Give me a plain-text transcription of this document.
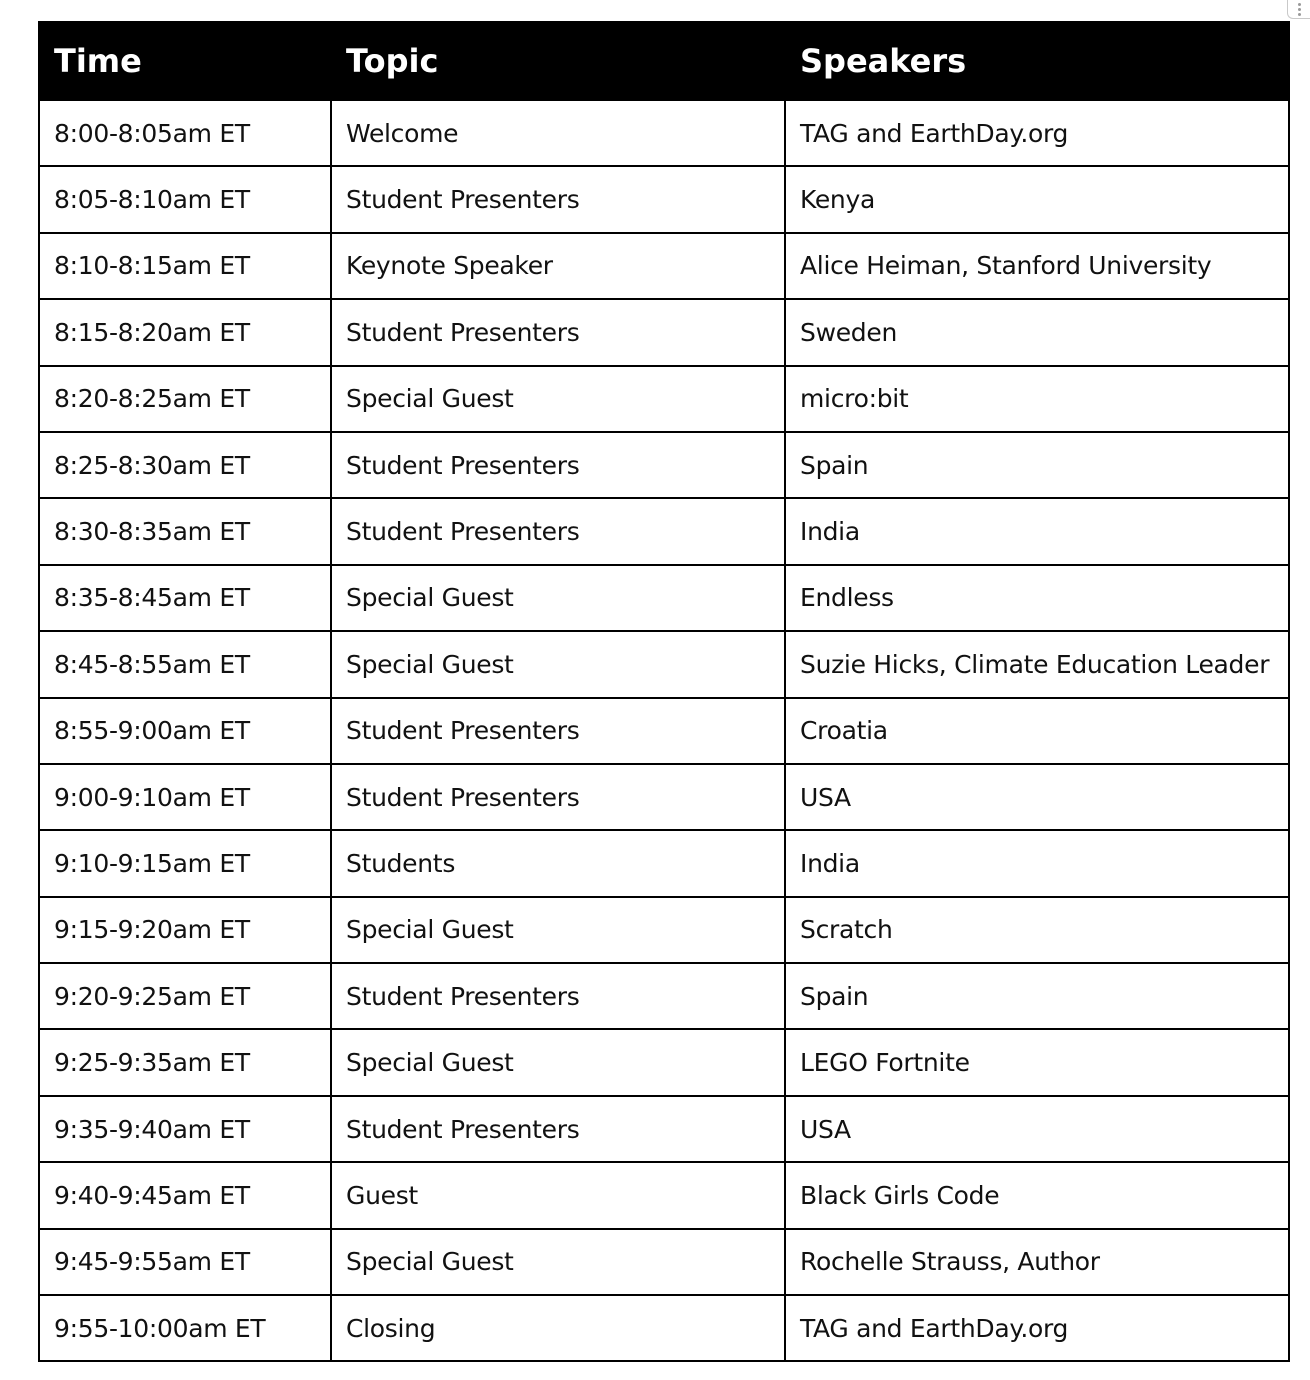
Time	Topic	Speakers
8:00-8:05am ET	Welcome	TAG and EarthDay.org
8:05-8:10am ET	Student Presenters	Kenya
8:10-8:15am ET	Keynote Speaker	Alice Heiman, Stanford University
8:15-8:20am ET	Student Presenters	Sweden
8:20-8:25am ET	Special Guest	micro:bit
8:25-8:30am ET	Student Presenters	Spain
8:30-8:35am ET	Student Presenters	India
8:35-8:45am ET	Special Guest	Endless
8:45-8:55am ET	Special Guest	Suzie Hicks, Climate Education Leader
8:55-9:00am ET	Student Presenters	Croatia
9:00-9:10am ET	Student Presenters	USA
9:10-9:15am ET	Students	India
9:15-9:20am ET	Special Guest	Scratch
9:20-9:25am ET	Student Presenters	Spain
9:25-9:35am ET	Special Guest	LEGO Fortnite
9:35-9:40am ET	Student Presenters	USA
9:40-9:45am ET	Guest	Black Girls Code
9:45-9:55am ET	Special Guest	Rochelle Strauss, Author
9:55-10:00am ET	Closing	TAG and EarthDay.org
